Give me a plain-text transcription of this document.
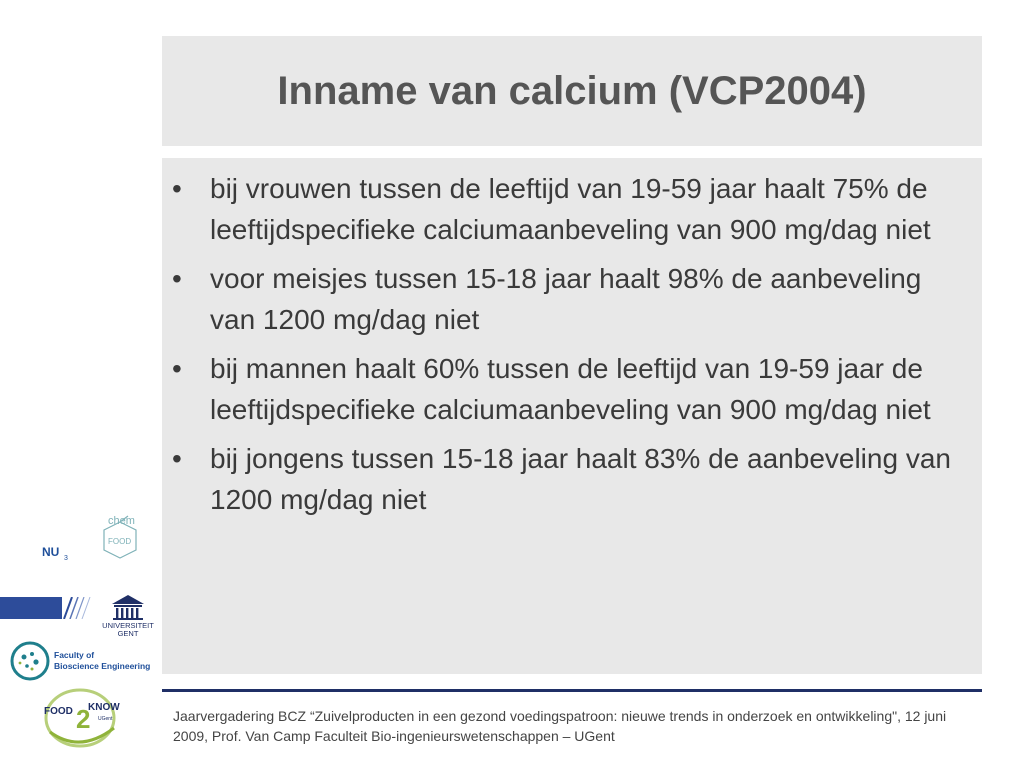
Inname van calcium (VCP2004)
• bij vrouwen tussen de leeftijd van 19-59 jaar haalt 75% de leeftijdspecifieke calciumaanbeveling van 900 mg/dag niet
• voor meisjes tussen 15-18 jaar haalt 98% de aanbeveling van 1200 mg/dag niet
• bij mannen haalt 60% tussen de leeftijd van 19-59 jaar de leeftijdspecifieke calciumaanbeveling van 900 mg/dag niet
• bij jongens tussen 15-18 jaar haalt 83% de aanbeveling van 1200 mg/dag niet
Jaarvergadering BCZ “Zuivelproducten in een gezond voedingspatroon: nieuwe trends in onderzoek en ontwikkeling", 12 juni 2009, Prof. Van Camp Faculteit Bio-ingenieurswetenschappen – UGent
FOOD
chem
NU 3
UNIVERSITEIT
GENT
Faculty of
Bioscience Engineering
FOOD 2
KNOW
UGent
